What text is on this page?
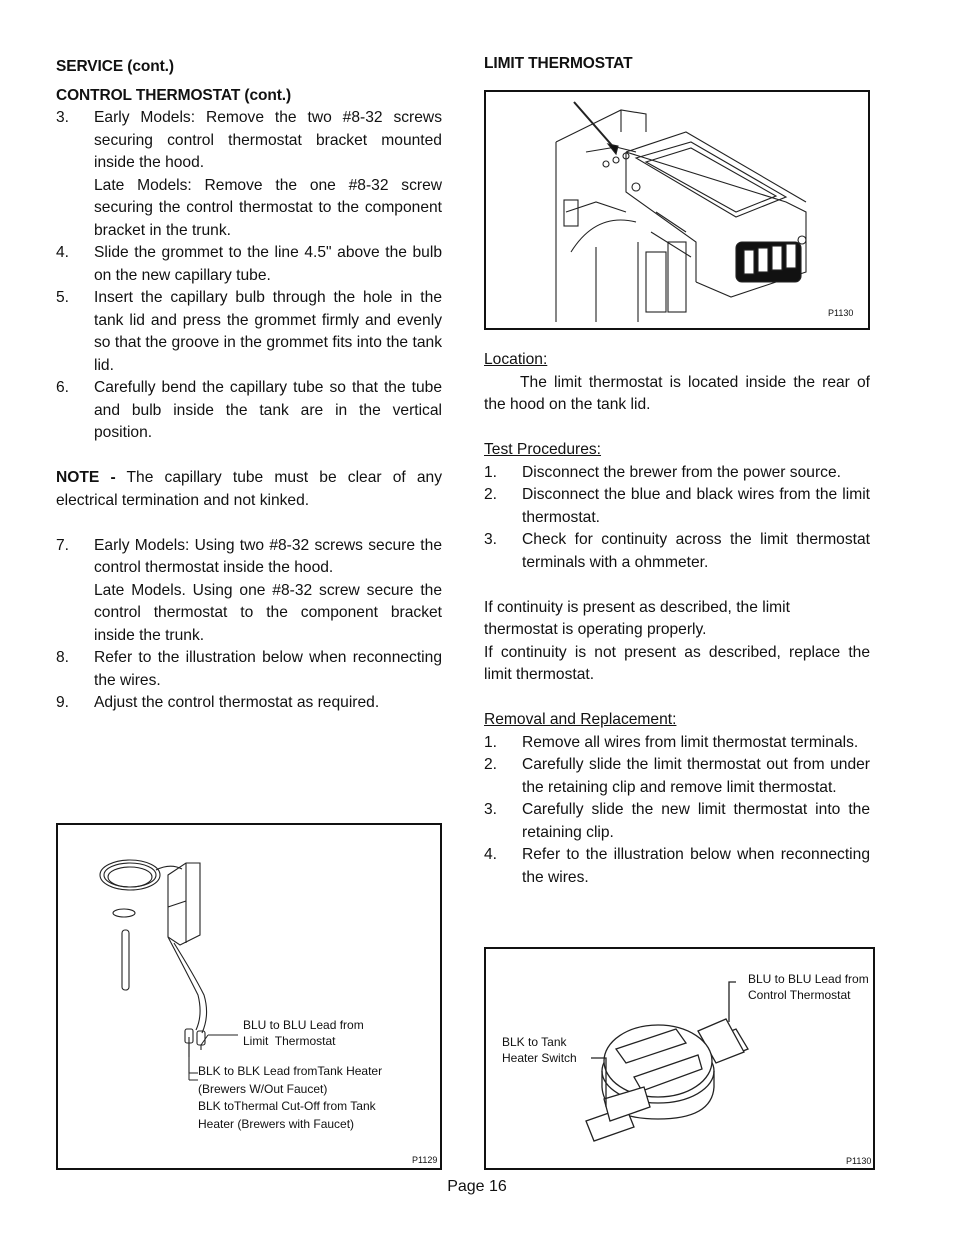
SERVICE (cont.)
CONTROL THERMOSTAT (cont.)
3. Early Models: Remove the two #8-32 screws securing control thermostat bracket mounted inside the hood.

Late Models: Remove the one #8-32 screw securing the control thermostat to the component bracket in the trunk.

4. Slide the grommet to the line 4.5" above the bulb on the new capillary tube.

5. Insert the capillary bulb through the hole in the tank lid and press the grommet firmly and evenly so that the groove in the grommet fits into the tank lid.

6. Carefully bend the capillary tube so that the tube and bulb inside the tank are in the vertical position.

NOTE - The capillary tube must be clear of any electrical termination and not kinked.

7. Early Models: Using two #8-32 screws secure the control thermostat inside the hood.

Late Models. Using one #8-32 screw secure the control thermostat to the component bracket inside the trunk.

8. Refer to the illustration below when reconnecting the wires.

9. Adjust the control thermostat as required.

LIMIT THERMOSTAT
P1130
Location:

The limit thermostat is located inside the rear of the hood on the tank lid.

Test Procedures:
1. Disconnect the brewer from the power source.

2. Disconnect the blue and black wires from the limit thermostat.

3. Check for continuity across the limit thermostat terminals with a ohmmeter.

If continuity is present as described, the limit
thermostat is operating properly.

If continuity is not present as described, replace the limit thermostat.

Removal and Replacement:
1. Remove all wires from limit thermostat terminals.

2. Carefully slide the limit thermostat out from under the retaining clip and remove limit thermostat.

3. Carefully slide the new limit thermostat into the retaining clip.

4. Refer to the illustration below when reconnecting the wires.

BLU to BLU Lead from
Limit  Thermostat
BLK to BLK Lead fromTank Heater
(Brewers W/Out Faucet)
BLK toThermal Cut-Off from Tank
Heater (Brewers with Faucet)
P1129
BLU to BLU Lead from
Control Thermostat
BLK to Tank
Heater Switch
P1130
Page 16
